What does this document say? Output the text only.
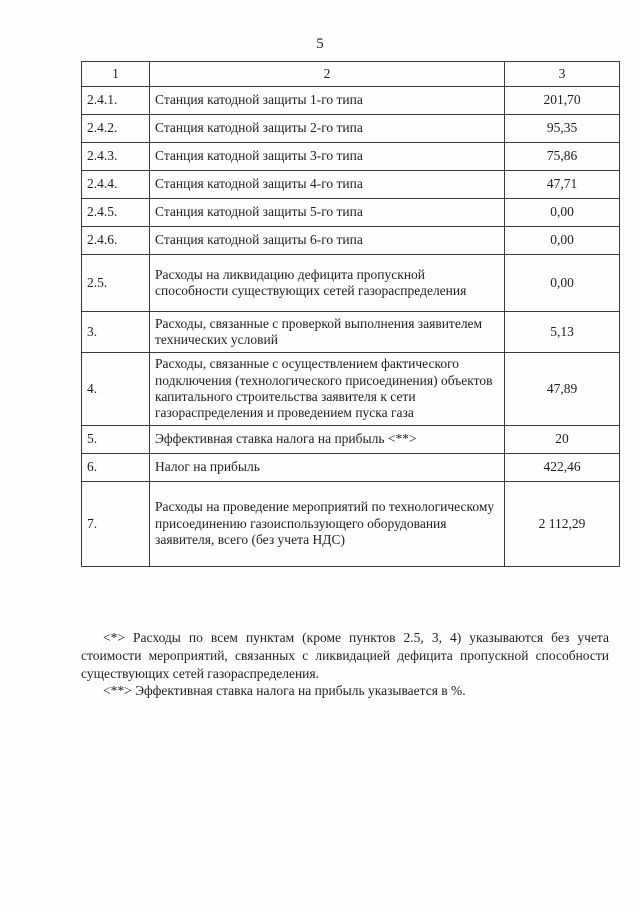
5
1	2	3
2.4.1.	Станция катодной защиты 1-го типа	201,70
2.4.2.	Станция катодной защиты 2-го типа	95,35
2.4.3.	Станция катодной защиты 3-го типа	75,86
2.4.4.	Станция катодной защиты 4-го типа	47,71
2.4.5.	Станция катодной защиты 5-го типа	0,00
2.4.6.	Станция катодной защиты 6-го типа	0,00
2.5.	Расходы на ликвидацию дефицита пропускной способности существующих сетей газораспределения	0,00
3.	Расходы, связанные с проверкой выполнения заявителем технических условий	5,13
4.	Расходы, связанные с осуществлением фактического подключения (технологического присоединения) объектов капитального строительства заявителя к сети газораспределения и проведением пуска газа	47,89
5.	Эффективная ставка налога на прибыль <**>	20
6.	Налог на прибыль	422,46
7.	Расходы на проведение мероприятий по технологическому присоединению газоиспользующего оборудования заявителя, всего (без учета НДС)	2 112,29

<*> Расходы по всем пунктам (кроме пунктов 2.5, 3, 4) указываются без учета стоимости мероприятий, связанных с ликвидацией дефицита пропускной способности существующих сетей газораспределения.

<**> Эффективная ставка налога на прибыль указывается в %.
